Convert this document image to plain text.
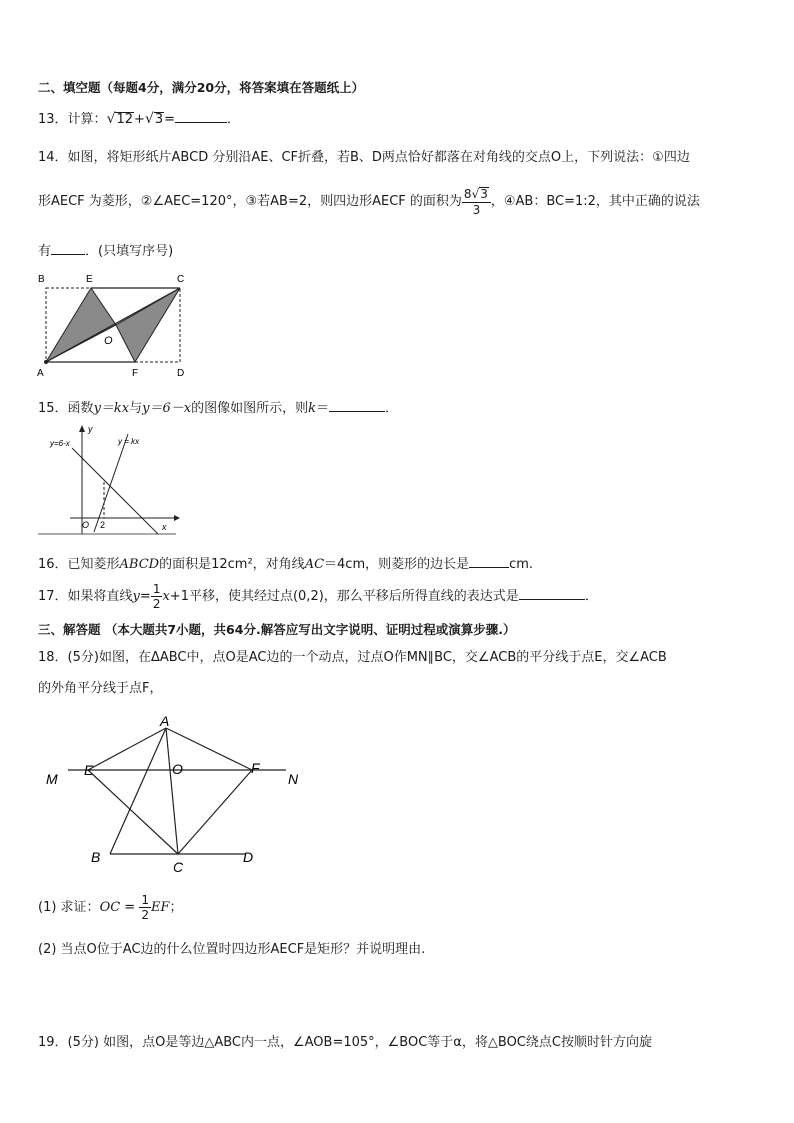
二、填空题（每题4分，满分20分，将答案填在答题纸上）
13．计算：√12+√3=	．
14．如图，将矩形纸片ABCD 分别沿AE、CF折叠，若B、D两点恰好都落在对角线的交点O上，下列说法：①四边
形AECF 为菱形，②∠AEC=120°，③若AB=2，则四边形AECF 的面积为 $\frac{8√3}{3}$ ，④AB：BC=1:2，其中正确的说法
有	．(只填写序号)
B	E	C
A	F	D
O
15．函数y＝kx与y＝6－x的图像如图所示，则k＝	．
y
x
O 2
y=6-x	y = kx
16．已知菱形ABCD的面积是12cm²，对角线AC＝4cm，则菱形的边长是	cm.
17．如果将直线$y= \frac{1}{2} x+1$平移，使其经过点(0,2)，那么平移后所得直线的表达式是	．
三、解答题 （本大题共7小题，共64分.解答应写出文字说明、证明过程或演算步骤.）
18．(5分)如图，在ΔABC中，点O是AC边的一个动点，过点O作MN∥BC，交∠ACB的平分线于点E，交∠ACB
的外角平分线于点F，
A
M
E	O	F
N
B
C
D
(1) 求证：OC = $\frac{1}{2}$ EF；
(2) 当点O位于AC边的什么位置时四边形AECF是矩形？并说明理由.
19．(5分) 如图，点O是等边△ABC内一点，∠AOB=105°，∠BOC等于α，将△BOC绕点C按顺时针方向旋
